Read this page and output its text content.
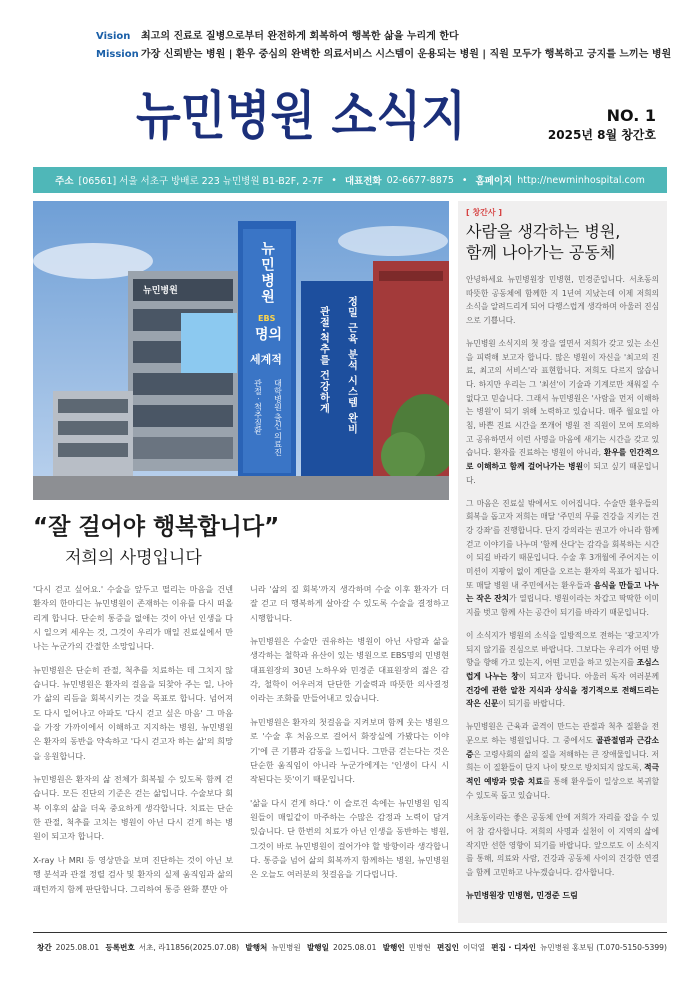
Vision	최고의 진료로 질병으로부터 완전하게 회복하여 행복한 삶을 누리게 한다
Mission 가장 신뢰받는 병원 | 환우 중심의 완벽한 의료서비스 시스템이 운용되는 병원 | 직원 모두가 행복하고 긍지를 느끼는 병원
뉴민병원 소식지	NO. 1
2025년 8월 창간호
주소 [06561] 서울 서초구 방배로 223 뉴민병원 B1-B2F, 2-7F • 대표전화 02-6677-8875 • 홈페이지 http://newminhospital.com
뉴민병원
EBS
명의
세계적
대학병원 출신 의료진
관절 · 척추질환	정밀 근육 분석 시스템 완비
관절·척추를 건강하게
뉴민병원
“잘 걸어야 행복합니다”
저희의 사명입니다

'다시 걷고 싶어요.' 수술을 앞두고 떨리는 마음을 건넨 환자의 한마디는 뉴민병원이 존재하는 이유를 다시 떠올리게 합니다. 단순히 통증을 없애는 것이 아닌 인생을 다시 일으켜 세우는 것, 그것이 우리가 매일 진료실에서 만나는 누군가의 간절한 소망입니다.

뉴민병원은 단순히 관절, 척추를 치료하는 데 그치지 않습니다. 뉴민병원은 환자의 걸음을 되찾아 주는 일, 나아가 삶의 리듬을 회복시키는 것을 목표로 합니다. 넘어져도 다시 일어나고 아파도 '다시 걷고 싶은 마음' 그 마음을 가장 가까이에서 이해하고 지지하는 병원, 뉴민병원은 환자의 동반을 약속하고 '다시 걷고자 하는 삶'의 희망을 응원합니다.

뉴민병원은 환자의 삶 전체가 회복될 수 있도록 함께 걷습니다. 모든 진단의 기준은 걷는 삶입니다. 수술보다 회복 이후의 삶을 더욱 중요하게 생각합니다. 치료는 단순한 관절, 척추를 고치는 병원이 아닌 다시 걷게 하는 병원이 되고자 합니다.

X-ray 나 MRI 등 영상만을 보며 진단하는 것이 아닌 보행 분석과 관절 정렬 검사 및 환자의 실제 움직임과 삶의 패턴까지 함께 판단합니다. 그리하여 통증 완화 뿐만 아

니라 '삶의 질 회복'까지 생각하며 수술 이후 환자가 더 잘 걷고 더 행복하게 살아갈 수 있도록 수술을 결정하고 시행합니다.

뉴민병원은 수술만 권유하는 병원이 아닌 사람과 삶을 생각하는 철학과 유산이 있는 병원으로 EBS명의 민병현 대표원장의 30년 노하우와 민경준 대표원장의 젊은 감각, 철학이 어우러져 단단한 기술력과 따뜻한 의사결정이라는 조화를 만들어내고 있습니다.

뉴민병원은 환자의 첫걸음을 지켜보며 함께 웃는 병원으로 '수술 후 처음으로 걸어서 화장실에 가봤다는 이야기'에 큰 기쁨과 감동을 느낍니다. 그만큼 걷는다는 것은 단순한 움직임이 아니라 누군가에게는 '인생이 다시 시작된다는 뜻'이기 때문입니다.

'삶을 다시 걷게 하다.' 이 슬로건 속에는 뉴민병원 임직원들이 매일같이 마주하는 수많은 감정과 노력이 담겨 있습니다. 단 한번의 치료가 아닌 인생을 동반하는 병원, 그것이 바로 뉴민병원이 걸어가야 할 방향이라 생각합니다. 통증을 넘어 삶의 회복까지 함께하는 병원, 뉴민병원은 오늘도 여러분의 첫걸음을 기다립니다.

[ 창간사 ]
사람을 생각하는 병원,
함께 나아가는 공동체

안녕하세요 뉴민병원장 민병현, 민경준입니다. 서초동의 따뜻한 공동체에 함께한 지 1년여 지났는데 이제 저희의 소식을 알려드리게 되어 다행스럽게 생각하며 아울러 진심으로 기쁩니다.

뉴민병원 소식지의 첫 장을 열면서 저희가 갖고 있는 소신을 피력해 보고자 합니다. 많은 병원이 자신을 '최고의 진료, 최고의 서비스'라 표현합니다. 저희도 다르지 않습니다. 하지만 우리는 그 '최선'이 기술과 기계로만 채워질 수 없다고 믿습니다. 그래서 뉴민병원은 '사람을 먼저 이해하는 병원'이 되기 위해 노력하고 있습니다. 매주 월요일 아침, 바쁜 진료 시간을 쪼개어 병원 전 직원이 모여 토의하고 공유하면서 이런 사명을 마음에 새기는 시간을 갖고 있습니다. 환자를 진료하는 병원이 아니라, 환우를 인간적으로 이해하고 함께 걸어나가는 병원이 되고 싶기 때문입니다.

그 마음은 진료실 밖에서도 이어집니다. 수술만 환우들의 회복을 돕고자 저희는 매달 '주민의 무릎 건강을 지키는 건강 강좌'를 진행합니다. 단지 강의라는 권고가 아니라 함께 걷고 이야기를 나누며 '함께 산다'는 감각을 회복하는 시간이 되길 바라기 때문입니다. 수술 후 3개월에 주어지는 이 미션이 지팡이 없이 계단을 오르는 환자의 목표가 됩니다. 또 매달 병원 내 주민에서는 환우들과 음식을 만들고 나누는 작은 잔치가 열립니다. 병원이라는 차갑고 딱딱한 이미지를 벗고 함께 사는 공간이 되기를 바라기 때문입니다.

이 소식지가 병원의 소식을 일방적으로 전하는 '광고지'가 되지 않기를 진심으로 바랍니다. 그보다는 우리가 어떤 방향을 향해 가고 있는지, 어떤 고민을 하고 있는지를 조심스럽게 나누는 창이 되고자 합니다. 아울러 독자 여러분께 건강에 관한 알찬 지식과 상식을 정기적으로 전해드리는 작은 신문이 되기를 바랍니다.

뉴민병원은 근육과 골격이 만드는 관절과 척추 질환을 전문으로 하는 병원입니다. 그 중에서도 골관절염과 근감소증은 고령사회의 삶의 질을 저해하는 큰 장애물입니다. 저희는 이 질환들이 단지 나이 탓으로 방치되지 않도록, 적극적인 예방과 맞춤 치료를 통해 환우들이 일상으로 복귀할 수 있도록 돕고 있습니다.

서초동이라는 좋은 공동체 안에 저희가 자리를 잡을 수 있어 참 감사합니다. 저희의 사명과 실천이 이 지역의 삶에 작지만 선한 영향이 되기를 바랍니다. 앞으로도 이 소식지를 통해, 의료와 사람, 건강과 공동체 사이의 건강한 연결을 함께 고민하고 나누겠습니다. 감사합니다.

뉴민병원장 민병현, 민경준 드림
창간 2025.08.01 등록번호 서초, 라11856(2025.07.08) 발행처 뉴민병원 발행일 2025.08.01 발행인 민병현 편집인 이덕열 편집 · 디자인 뉴민병원 홍보팀 (T.070-5150-5399)
